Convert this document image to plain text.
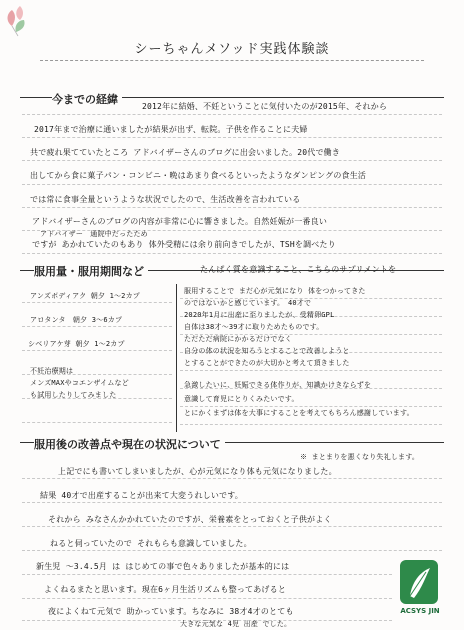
シーちゃんメソッド実践体験談
今までの経緯
2012年に結婚、不妊ということに気付いたのが2015年、それから
2017年まで治療に通いましたが結果が出ず、転院。子供を作ることに夫婦
共で疲れ果てていたところ アドバイザーさんのブログに出会いました。20代で働き
出してから食に菓子パン・コンビニ・晩はあまり食べるといったようなダンピングの食生活
では常に食事全量というような状況でしたので、生活改善を言われている
アドバイザーさんのブログの内容が非常に心に響きました。自然妊娠が一番良い
アドバイザー　通院中だったため
ですが あかれていたのもあり 体外受精には余り前向きでしたが、TSHを調べたり
服用量・服用期間など	たんぱく質を意識すること、こちらのサプリメントを
アンズボディアク 朝夕 1〜2カプ
アロタンタ　朝夕 3〜6カプ
シベリアケ芽 朝夕 1〜2カプ
不妊治療期は
メンズMAXやコエンザイムなど
も試用したりしてみました
服用することで まだ心が元気になり 体をつかってきた
のではないかと感じています。　40才で
2020年1月に出産に至りましたが、受精卵GPL
自体は38才〜39才に取りためたものです。
ただただ病院にかかるだけでなく
自分の体の状況を知ろうとすることで改善しようと
とすることができたのが大切かと考えて頂きました
急激したいに、妊娠できる体作りが、知識かけきならずを
意識して育児にとりくみたいです。
とにかくまずは体を大事にすることを考えてもちろん感謝しています。
服用後の改善点や現在の状況について
※ まとまりを悪くなり失礼します。
上記でにも書いてしまいましたが、心が元気になり体も元気になりました。
結果 40才で出産することが出来て大変うれしいです。
それから みなさんかかれていたのですが、栄養素をとっておくと子供がよく
ねると伺っていたので それもらも意識していました。
新生児 〜3.4.5月 は はじめての事で色々ありましたが基本的には
よくねるまたと思います。現在6ヶ月生活リズムも整ってあげると
夜によくねて元気で 助かっています。ちなみに 38才4才のとても
大きな元気な 4児 出産 でした。
ACSYS JIN
